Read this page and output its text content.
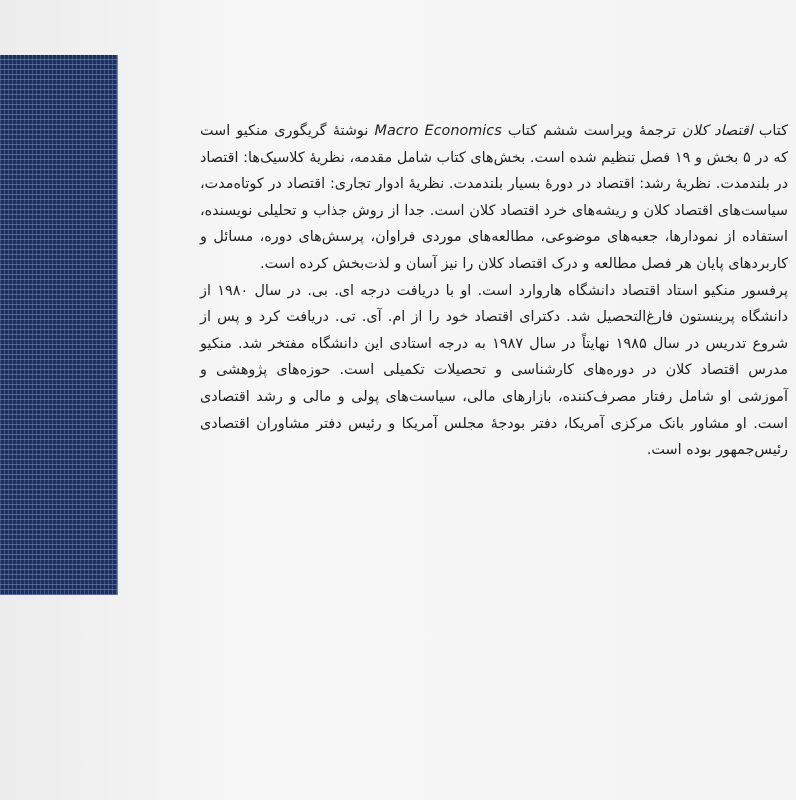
کتاب اقتصاد کلان ترجمهٔ ویراست ششم کتاب Macro Economics نوشتهٔ گریگوری منکیو است که در ۵ بخش و ۱۹ فصل تنظیم شده است. بخش‌های کتاب شامل مقدمه، نظریهٔ کلاسیک‌ها: اقتصاد در بلندمدت. نظریهٔ رشد: اقتصاد در دورهٔ بسیار بلندمدت. نظریهٔ ادوار تجاری: اقتصاد در کوتاه‌مدت، سیاست‌های اقتصاد کلان و ریشه‌های خرد اقتصاد کلان است. جدا از روش جذاب و تحلیلی نویسنده، استفاده از نمودارها، جعبه‌های موضوعی، مطالعه‌های موردی فراوان، پرسش‌های دوره، مسائل و کاربردهای پایان هر فصل مطالعه و درک اقتصاد کلان را نیز آسان و لذت‌بخش کرده است.

پرفسور منکیو استاد اقتصاد دانشگاه هاروارد است. او با دریافت درجه ای. بی. در سال ۱۹۸۰ از دانشگاه پرینستون فارغ‌التحصیل شد. دکترای اقتصاد خود را از ام. آی. تی. دریافت کرد و پس از شروع تدریس در سال ۱۹۸۵ نهایتاً در سال ۱۹۸۷ به درجه استادی این دانشگاه مفتخر شد. منکیو مدرس اقتصاد کلان در دوره‌های کارشناسی و تحصیلات تکمیلی است. حوزه‌های پژوهشی و آموزشی او شامل رفتار مصرف‌کننده، بازارهای مالی، سیاست‌های پولی و مالی و رشد اقتصادی است. او مشاور بانک مرکزی آمریکا، دفتر بودجهٔ مجلس آمریکا و رئیس دفتر مشاوران اقتصادی رئیس‌جمهور بوده است.
